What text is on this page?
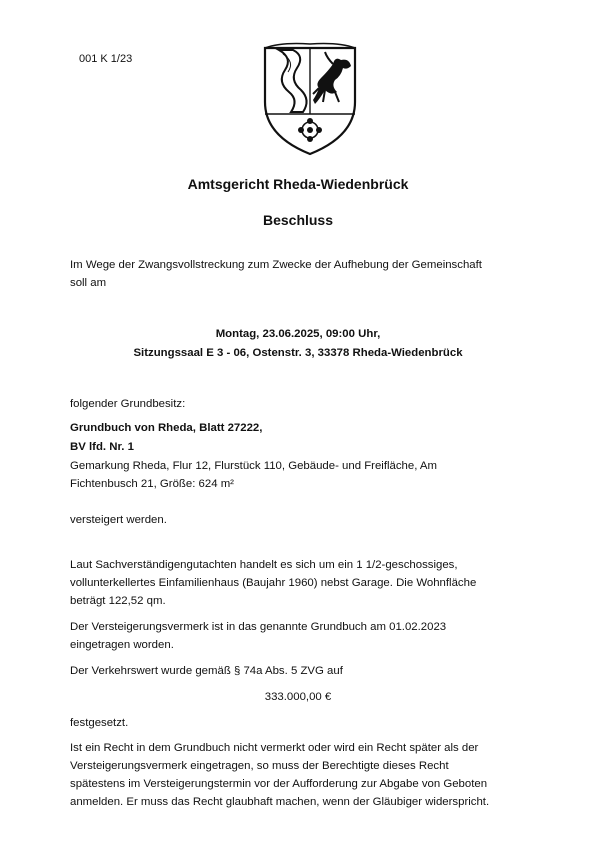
001 K 1/23
Amtsgericht Rheda-Wiedenbrück
Beschluss
Im Wege der Zwangsvollstreckung zum Zwecke der Aufhebung der Gemeinschaft
soll am
Montag, 23.06.2025, 09:00 Uhr,
Sitzungssaal E 3 - 06, Ostenstr. 3, 33378 Rheda-Wiedenbrück
folgender Grundbesitz:
Grundbuch von Rheda, Blatt 27222,
BV lfd. Nr. 1
Gemarkung Rheda, Flur 12, Flurstück 110, Gebäude- und Freifläche, Am
Fichtenbusch 21, Größe: 624 m²
versteigert werden.
Laut Sachverständigengutachten handelt es sich um ein 1 1/2-geschossiges,
vollunterkellertes Einfamilienhaus (Baujahr 1960) nebst Garage. Die Wohnfläche
beträgt 122,52 qm.
Der Versteigerungsvermerk ist in das genannte Grundbuch am 01.02.2023
eingetragen worden.
Der Verkehrswert wurde gemäß § 74a Abs. 5 ZVG auf
333.000,00 €
festgesetzt.
Ist ein Recht in dem Grundbuch nicht vermerkt oder wird ein Recht später als der
Versteigerungsvermerk eingetragen, so muss der Berechtigte dieses Recht
spätestens im Versteigerungstermin vor der Aufforderung zur Abgabe von Geboten
anmelden. Er muss das Recht glaubhaft machen, wenn der Gläubiger widerspricht.
